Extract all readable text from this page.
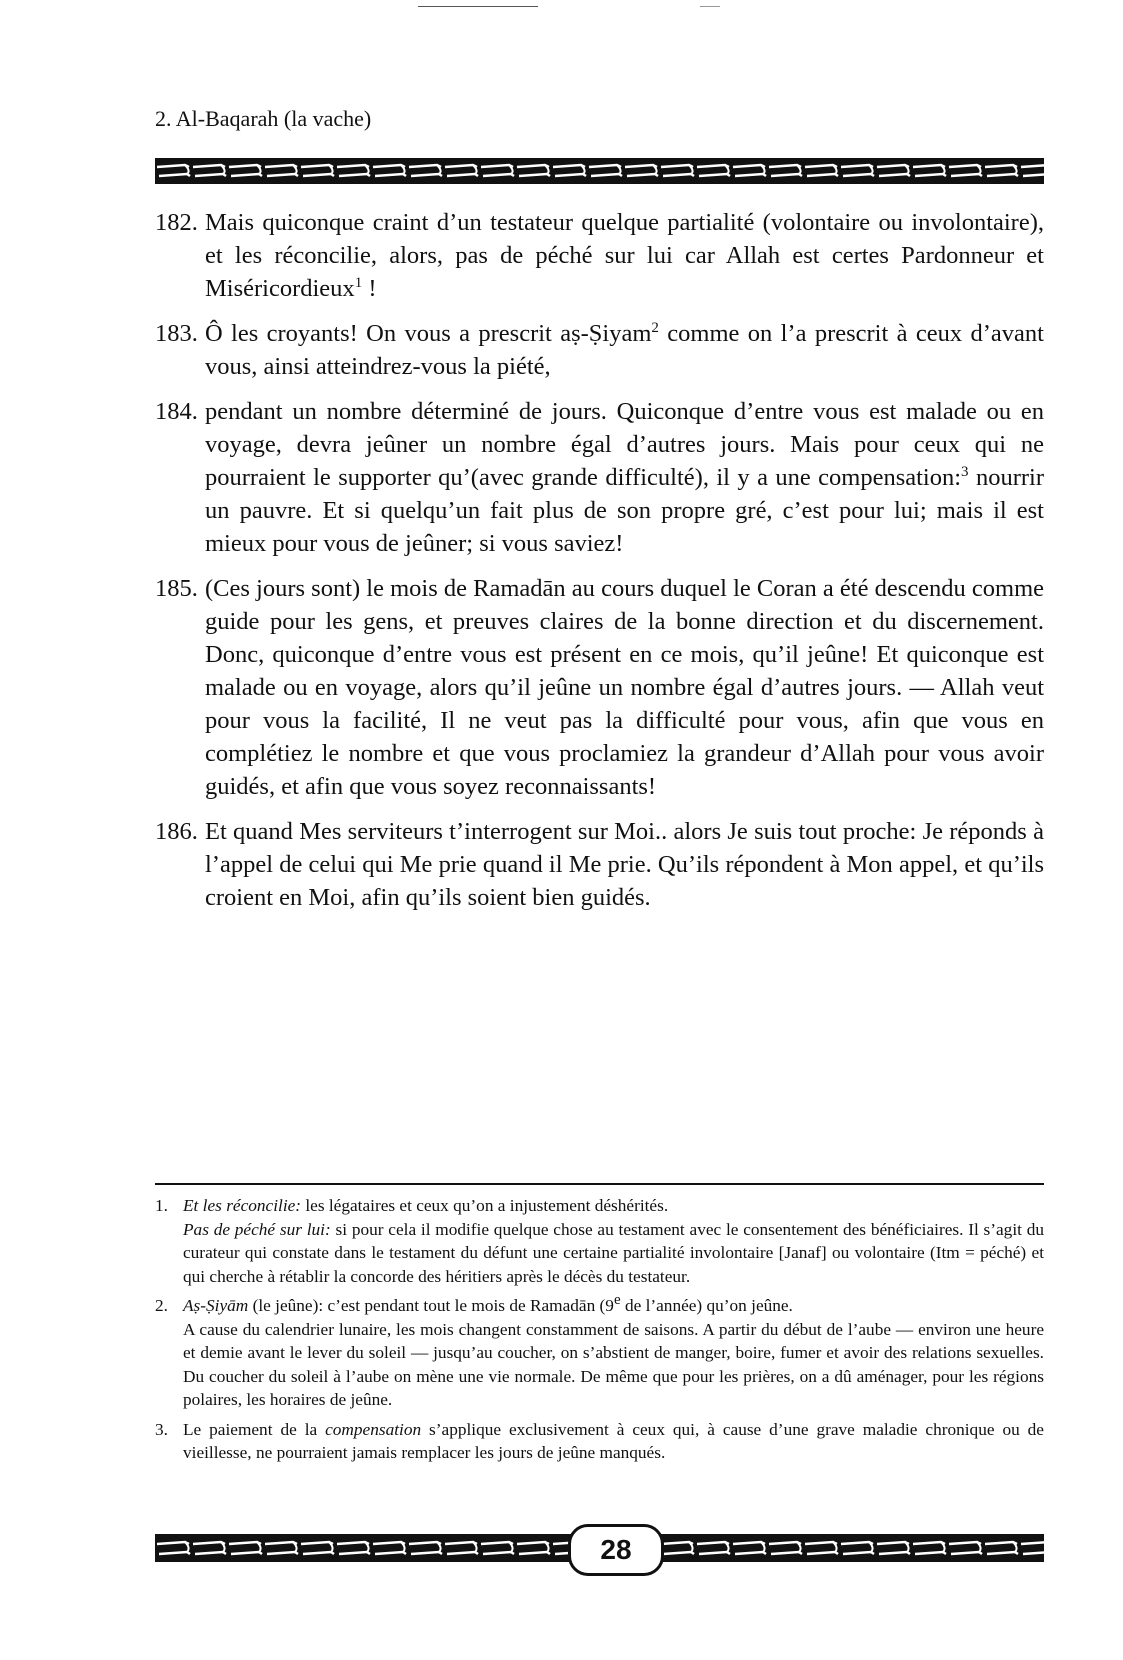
2. Al-Baqarah (la vache)

182. Mais quiconque craint d’un testateur quelque partialité (volontaire ou involontaire), et les réconcilie, alors, pas de péché sur lui car Allah est certes Pardonneur et Miséricordieux$^1$ !

183. Ô les croyants! On vous a prescrit aṣ-Ṣiyam$^2$ comme on l’a prescrit à ceux d’avant vous, ainsi atteindrez-vous la piété,

184. pendant un nombre déterminé de jours. Quiconque d’entre vous est malade ou en voyage, devra jeûner un nombre égal d’autres jours. Mais pour ceux qui ne pourraient le supporter qu’(avec grande difficulté), il y a une compensation:$^3$ nourrir un pauvre. Et si quelqu’un fait plus de son propre gré, c’est pour lui; mais il est mieux pour vous de jeûner; si vous saviez!

185. (Ces jours sont) le mois de Ramadān au cours duquel le Coran a été descendu comme guide pour les gens, et preuves claires de la bonne direction et du discernement. Donc, quiconque d’entre vous est présent en ce mois, qu’il jeûne! Et quiconque est malade ou en voyage, alors qu’il jeûne un nombre égal d’autres jours. — Allah veut pour vous la facilité, Il ne veut pas la difficulté pour vous, afin que vous en complétiez le nombre et que vous proclamiez la grandeur d’Allah pour vous avoir guidés, et afin que vous soyez reconnaissants!

186. Et quand Mes serviteurs t’interrogent sur Moi.. alors Je suis tout proche: Je réponds à l’appel de celui qui Me prie quand il Me prie. Qu’ils répondent à Mon appel, et qu’ils croient en Moi, afin qu’ils soient bien guidés.

1. Et les réconcilie: les légataires et ceux qu’on a injustement déshérités.

Pas de péché sur lui: si pour cela il modifie quelque chose au testament avec le consentement des bénéficiaires. Il s’agit du curateur qui constate dans le testament du défunt une certaine partialité involontaire [Janaf] ou volontaire (Itm = péché) et qui cherche à rétablir la concorde des héritiers après le décès du testateur.

2. Aṣ-Ṣiyām (le jeûne): c’est pendant tout le mois de Ramadān (9e de l’année) qu’on jeûne.

A cause du calendrier lunaire, les mois changent constamment de saisons. A partir du début de l’aube — environ une heure et demie avant le lever du soleil — jusqu’au coucher, on s’abstient de manger, boire, fumer et avoir des relations sexuelles. Du coucher du soleil à l’aube on mène une vie normale. De même que pour les prières, on a dû aménager, pour les régions polaires, les horaires de jeûne.

3. Le paiement de la compensation s’applique exclusivement à ceux qui, à cause d’une grave maladie chronique ou de vieillesse, ne pourraient jamais remplacer les jours de jeûne manqués.

28
